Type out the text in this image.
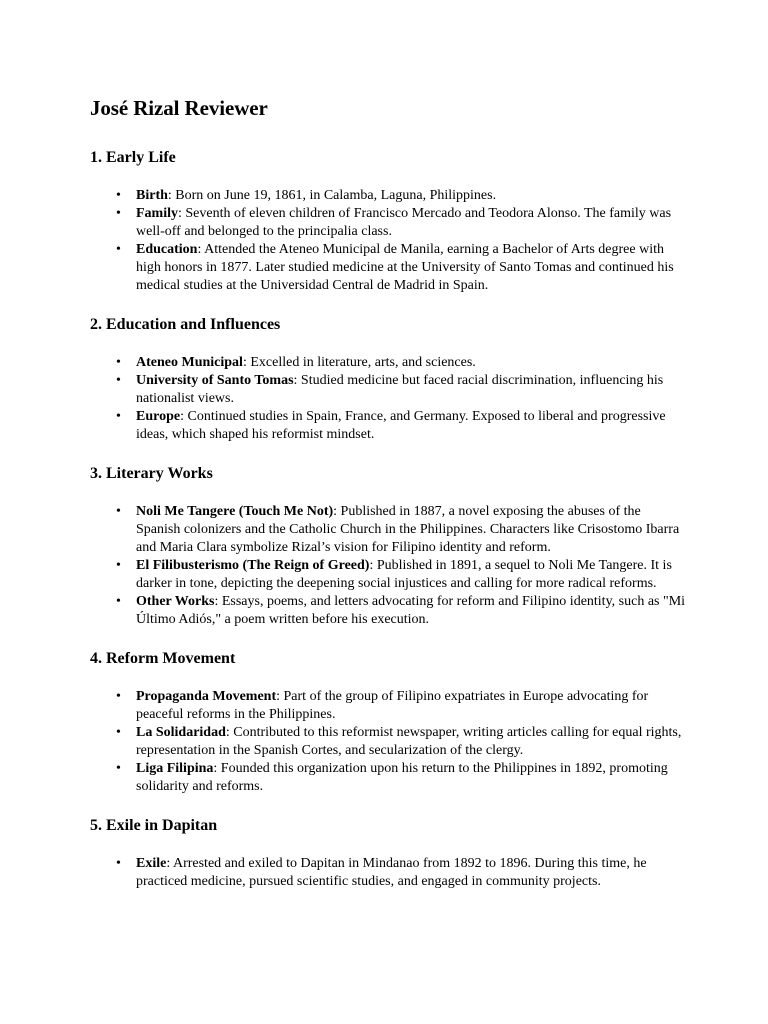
José Rizal Reviewer
1. Early Life
• Birth: Born on June 19, 1861, in Calamba, Laguna, Philippines.
• Family: Seventh of eleven children of Francisco Mercado and Teodora Alonso. The family was well-off and belonged to the principalia class.
• Education: Attended the Ateneo Municipal de Manila, earning a Bachelor of Arts degree with high honors in 1877. Later studied medicine at the University of Santo Tomas and continued his medical studies at the Universidad Central de Madrid in Spain.
2. Education and Influences
• Ateneo Municipal: Excelled in literature, arts, and sciences.
• University of Santo Tomas: Studied medicine but faced racial discrimination, influencing his nationalist views.
• Europe: Continued studies in Spain, France, and Germany. Exposed to liberal and progressive ideas, which shaped his reformist mindset.
3. Literary Works
• Noli Me Tangere (Touch Me Not): Published in 1887, a novel exposing the abuses of the Spanish colonizers and the Catholic Church in the Philippines. Characters like Crisostomo Ibarra and Maria Clara symbolize Rizal’s vision for Filipino identity and reform.
• El Filibusterismo (The Reign of Greed): Published in 1891, a sequel to Noli Me Tangere. It is darker in tone, depicting the deepening social injustices and calling for more radical reforms.
• Other Works: Essays, poems, and letters advocating for reform and Filipino identity, such as "Mi Último Adiós," a poem written before his execution.
4. Reform Movement
• Propaganda Movement: Part of the group of Filipino expatriates in Europe advocating for peaceful reforms in the Philippines.
• La Solidaridad: Contributed to this reformist newspaper, writing articles calling for equal rights, representation in the Spanish Cortes, and secularization of the clergy.
• Liga Filipina: Founded this organization upon his return to the Philippines in 1892, promoting solidarity and reforms.
5. Exile in Dapitan
• Exile: Arrested and exiled to Dapitan in Mindanao from 1892 to 1896. During this time, he practiced medicine, pursued scientific studies, and engaged in community projects.
